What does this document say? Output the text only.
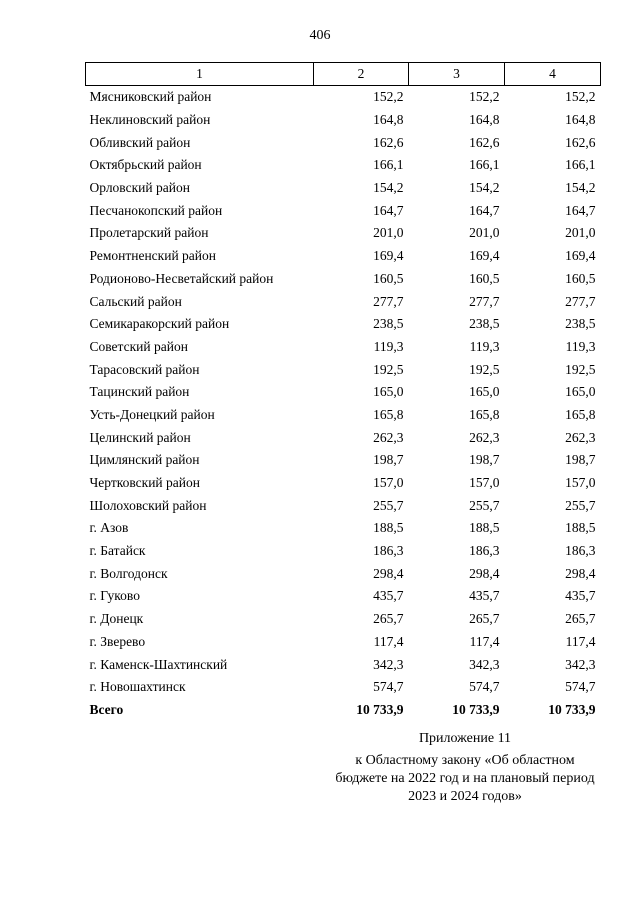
406
1	2	3	4
Мясниковский район	152,2	152,2	152,2
Неклиновский район	164,8	164,8	164,8
Обливский район	162,6	162,6	162,6
Октябрьский район	166,1	166,1	166,1
Орловский район	154,2	154,2	154,2
Песчанокопский район	164,7	164,7	164,7
Пролетарский район	201,0	201,0	201,0
Ремонтненский район	169,4	169,4	169,4
Родионово-Несветайский район	160,5	160,5	160,5
Сальский район	277,7	277,7	277,7
Семикаракорский район	238,5	238,5	238,5
Советский район	119,3	119,3	119,3
Тарасовский район	192,5	192,5	192,5
Тацинский район	165,0	165,0	165,0
Усть-Донецкий район	165,8	165,8	165,8
Целинский район	262,3	262,3	262,3
Цимлянский район	198,7	198,7	198,7
Чертковский район	157,0	157,0	157,0
Шолоховский район	255,7	255,7	255,7
г. Азов	188,5	188,5	188,5
г. Батайск	186,3	186,3	186,3
г. Волгодонск	298,4	298,4	298,4
г. Гуково	435,7	435,7	435,7
г. Донецк	265,7	265,7	265,7
г. Зверево	117,4	117,4	117,4
г. Каменск-Шахтинский	342,3	342,3	342,3
г. Новошахтинск	574,7	574,7	574,7
Всего	10 733,9	10 733,9	10 733,9
Приложение 11
к Областному закону «Об областном бюджете на 2022 год и на плановый период 2023 и 2024 годов»
